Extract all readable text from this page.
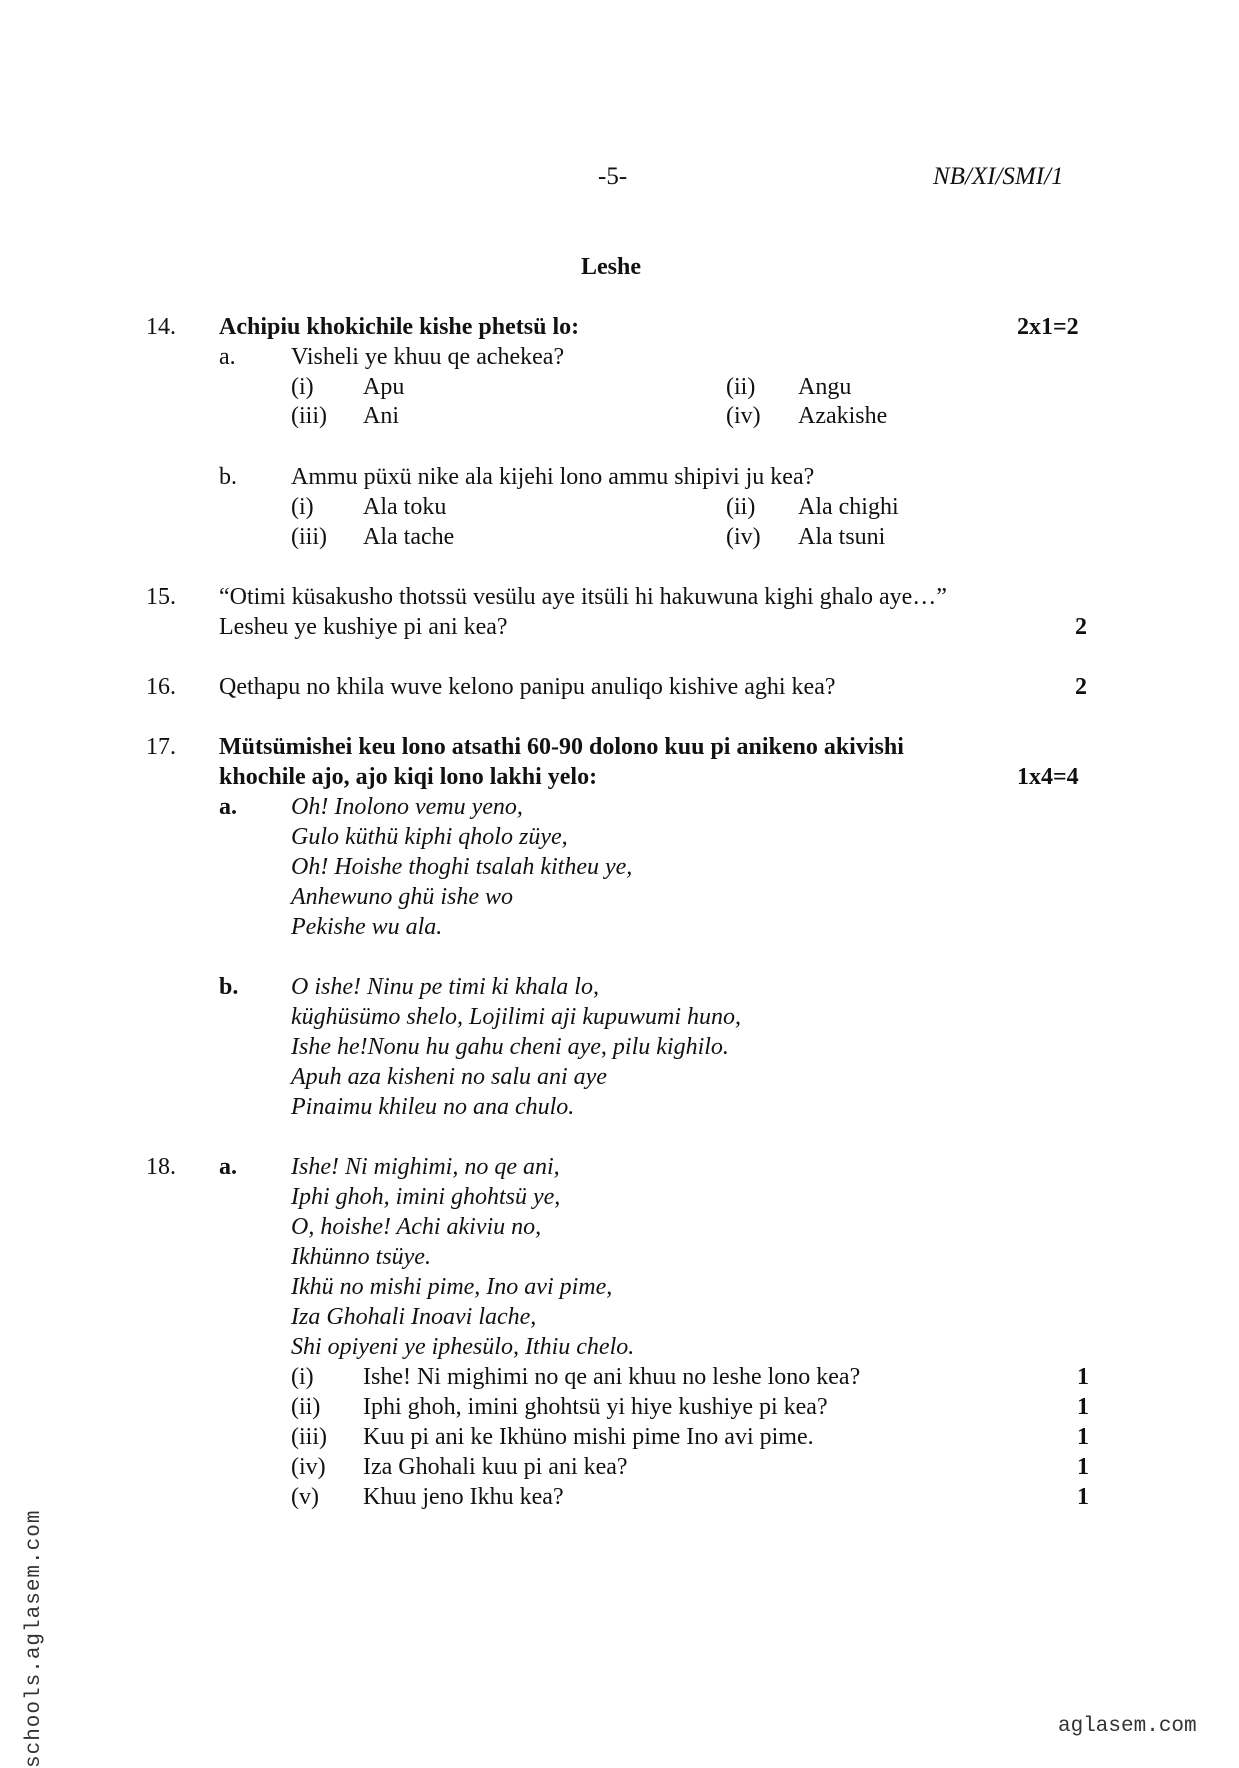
-5-	NB/XI/SMI/1
Leshe
14. Achipiu khokichile kishe phetsü lo:	2x1=2
a. Visheli ye khuu qe achekea?
(i) Apu	(ii) Angu
(iii) Ani	(iv) Azakishe
b. Ammu püxü nike ala kijehi lono ammu shipivi ju kea?
(i) Ala toku	(ii) Ala chighi
(iii) Ala tache	(iv) Ala tsuni
15. “Otimi küsakusho thotssü vesülu aye itsüli hi hakuwuna kighi ghalo aye…”
Lesheu ye kushiye pi ani kea?	2
16. Qethapu no khila wuve kelono panipu anuliqo kishive aghi kea?	2
17. Mütsümishei keu lono atsathi 60-90 dolono kuu pi anikeno akivishi
khochile ajo, ajo kiqi lono lakhi yelo:	1x4=4
a. Oh! Inolono vemu yeno,
Gulo küthü kiphi qholo züye,
Oh! Hoishe thoghi tsalah kitheu ye,
Anhewuno ghü ishe wo
Pekishe wu ala.
b. O ishe! Ninu pe timi ki khala lo,
küghüsümo shelo, Lojilimi aji kupuwumi huno,
Ishe he!Nonu hu gahu cheni aye, pilu kighilo.
Apuh aza kisheni no salu ani aye
Pinaimu khileu no ana chulo.
18. a. Ishe! Ni mighimi, no qe ani,
Iphi ghoh, imini ghohtsü ye,
O, hoishe! Achi akiviu no,
Ikhünno tsüye.
Ikhü no mishi pime, Ino avi pime,
Iza Ghohali Inoavi lache,
Shi opiyeni ye iphesülo, Ithiu chelo.
(i) Ishe! Ni mighimi no qe ani khuu no leshe lono kea?	1
(ii) Iphi ghoh, imini ghohtsü yi hiye kushiye pi kea?	1
(iii) Kuu pi ani ke Ikhüno mishi pime Ino avi pime.	1
(iv) Iza Ghohali kuu pi ani kea?	1
(v) Khuu jeno Ikhu kea?	1
schools.aglasem.com	aglasem.com
